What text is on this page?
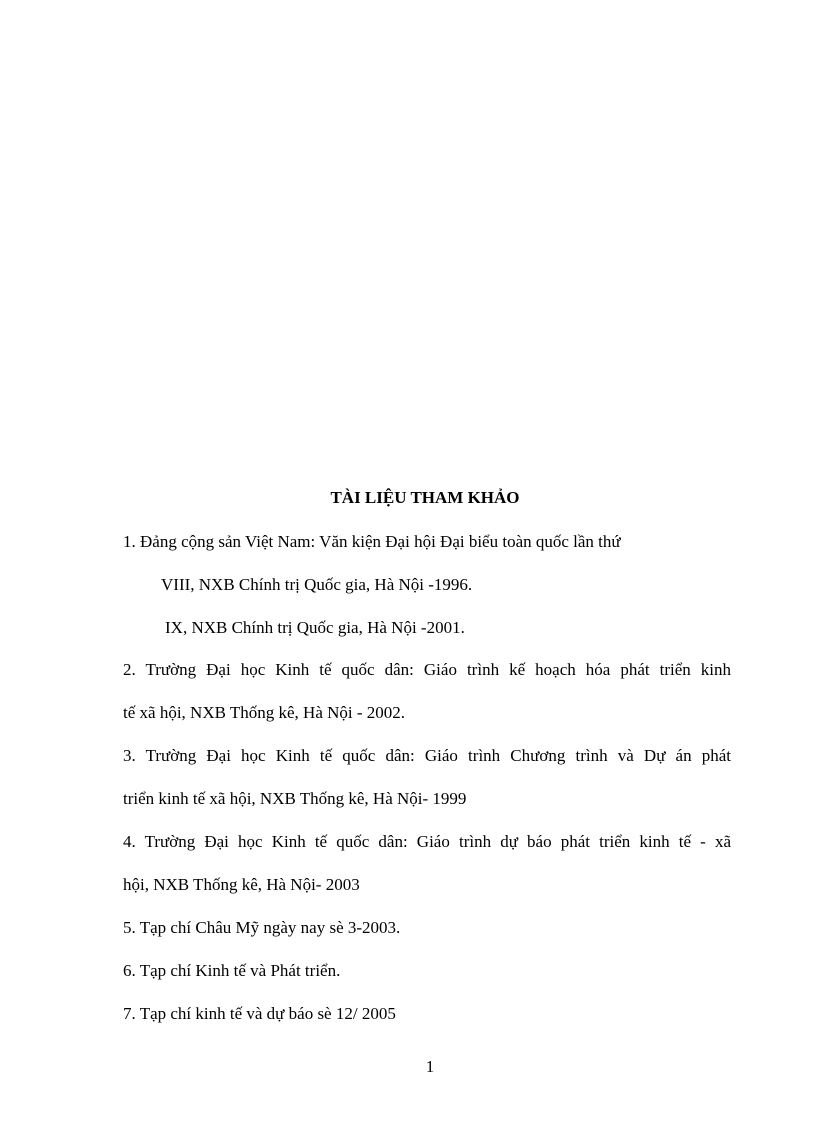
TÀI LIỆU THAM KHẢO
1. Đảng cộng sản Việt Nam: Văn kiện Đại hội Đại biểu toàn quốc lần thứ
VIII, NXB Chính trị Quốc gia, Hà Nội -1996.
IX, NXB Chính trị Quốc gia, Hà Nội -2001.
2. Trường Đại học Kinh tế quốc dân: Giáo trình kế hoạch hóa phát triển kinh
tế xã hội, NXB Thống kê, Hà Nội - 2002.
3. Trường Đại học Kinh tế quốc dân: Giáo trình Chương trình và Dự án phát
triển kinh tế xã hội, NXB Thống kê, Hà Nội- 1999
4. Trường Đại học Kinh tế quốc dân: Giáo trình dự báo phát triển kinh tế - xã
hội, NXB Thống kê, Hà Nội- 2003
5. Tạp chí Châu Mỹ ngày nay sè 3-2003.
6. Tạp chí Kinh tế và Phát triển.
7. Tạp chí kinh tế và dự báo sè 12/ 2005
1
